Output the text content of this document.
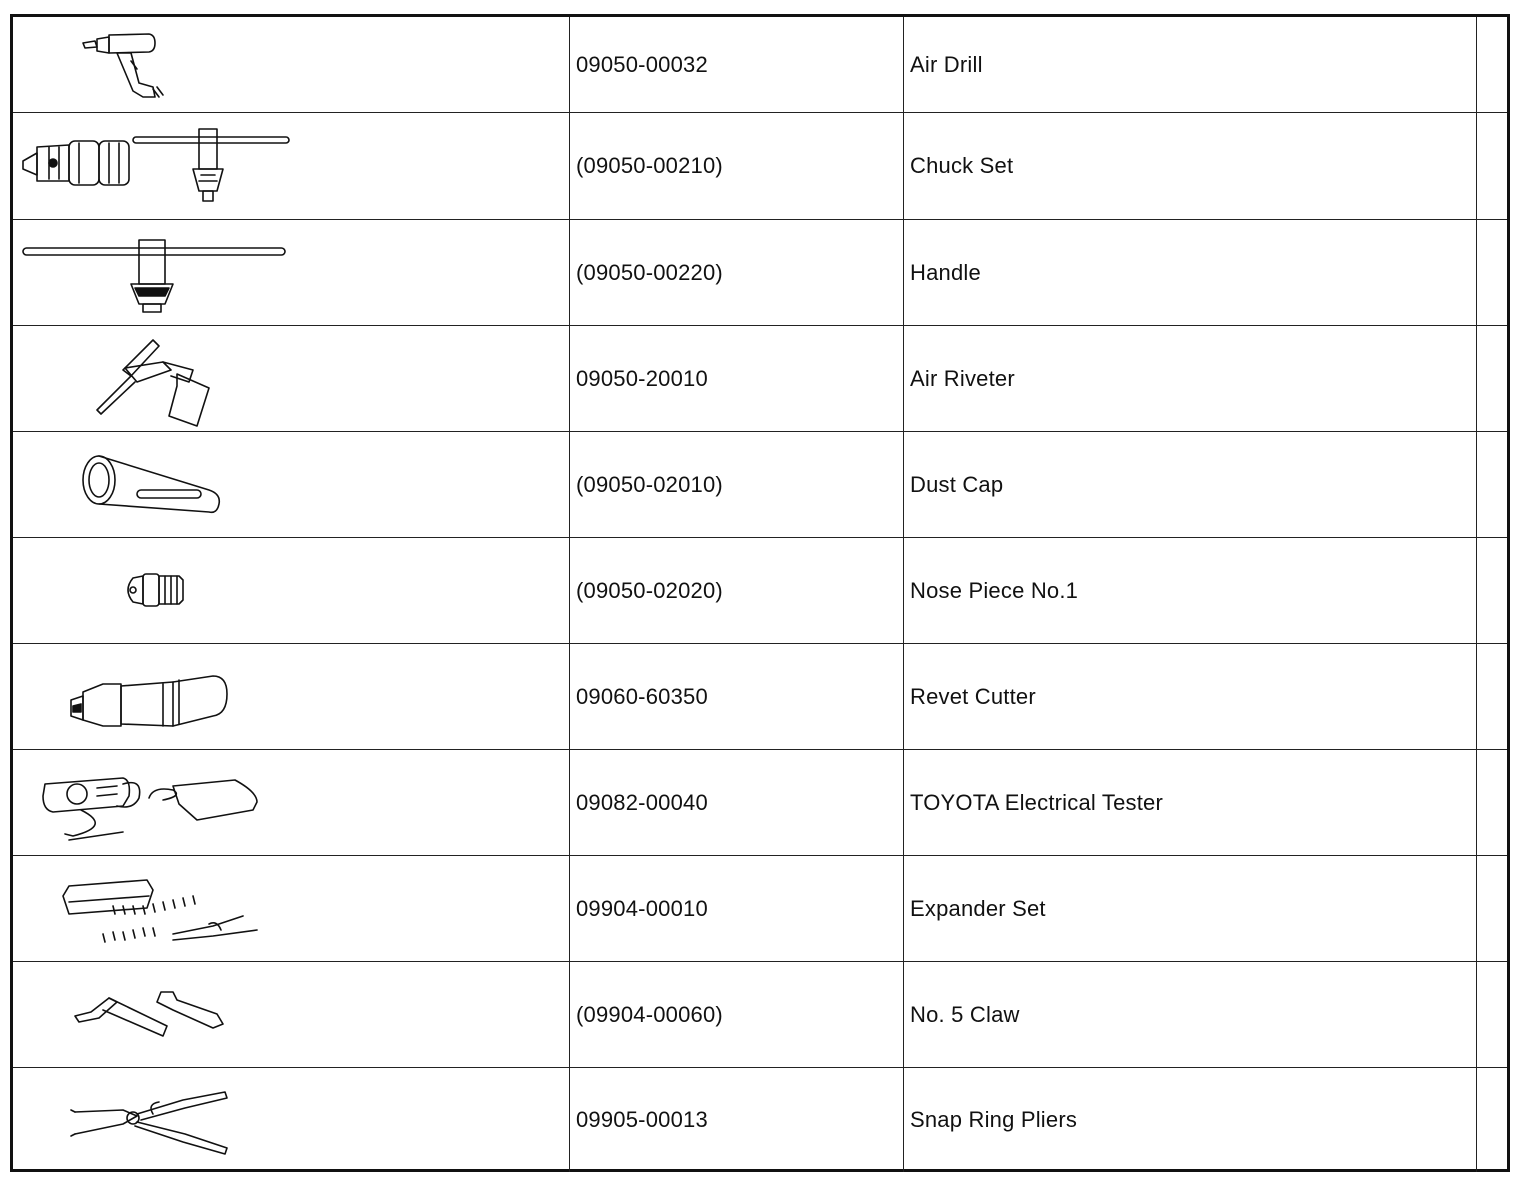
09050-00032	Air Drill
(09050-00210)	Chuck Set
(09050-00220)	Handle
09050-20010	Air Riveter
(09050-02010)	Dust Cap
(09050-02020)	Nose Piece No.1
09060-60350	Revet Cutter
09082-00040	TOYOTA Electrical Tester
09904-00010	Expander Set
(09904-00060)	No. 5 Claw
09905-00013	Snap Ring Pliers
